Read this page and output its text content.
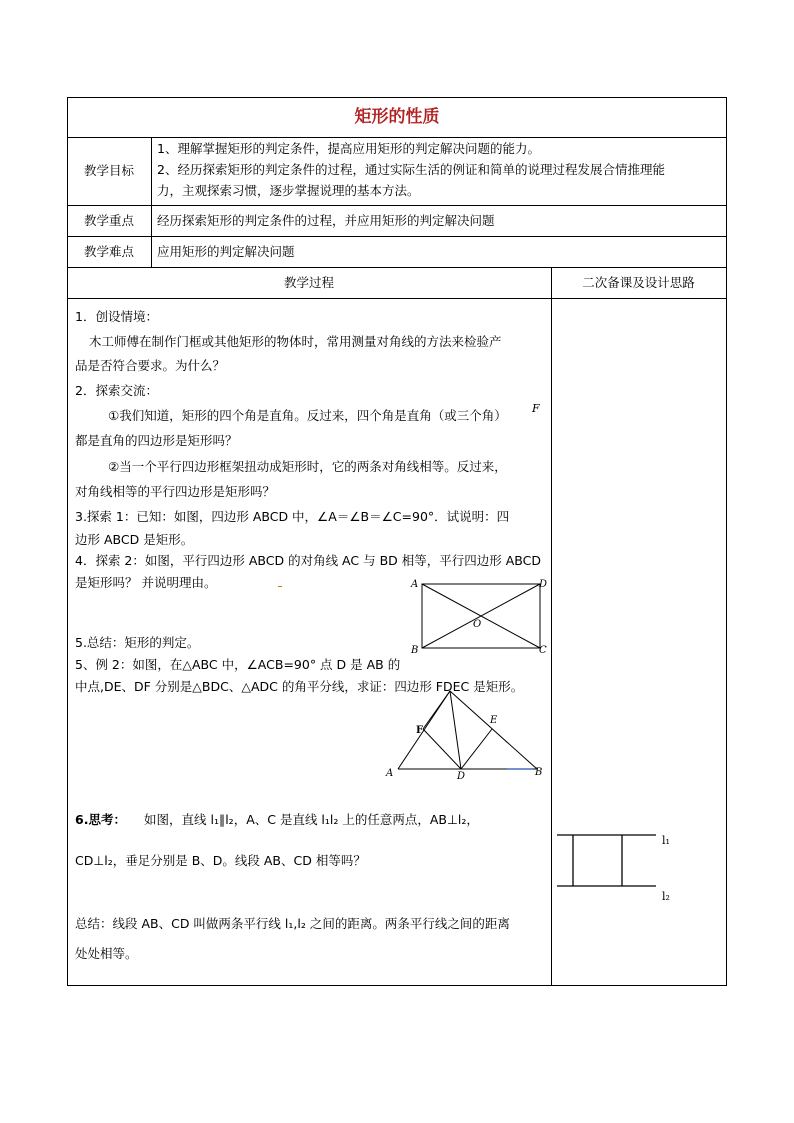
矩形的性质
教学目标
1、理解掌握矩形的判定条件，提高应用矩形的判定解决问题的能力。
2、经历探索矩形的判定条件的过程，通过实际生活的例证和简单的说理过程发展合情推理能
力，主观探索习惯，逐步掌握说理的基本方法。
教学重点	经历探索矩形的判定条件的过程，并应用矩形的判定解决问题
教学难点	应用矩形的判定解决问题
教学过程	二次备课及设计思路
1．创设情境：
木工师傅在制作门框或其他矩形的物体时，常用测量对角线的方法来检验产
品是否符合要求。为什么？
2．探索交流：
①我们知道，矩形的四个角是直角。反过来，四个角是直角（或三个角） F
都是直角的四边形是矩形吗？
②当一个平行四边形框架扭动成矩形时，它的两条对角线相等。反过来，
对角线相等的平行四边形是矩形吗？
3.探索 1：已知：如图，四边形 ABCD 中，∠A＝∠B＝∠C=90°．试说明：四
边形 ABCD 是矩形。
4．探索 2：如图，平行四边形 ABCD 的对角线 AC 与 BD 相等，平行四边形 ABCD
是矩形吗？ 并说明理由。
5.总结：矩形的判定。
5、例 2：如图，在△ABC 中，∠ACB=90° 点 D 是 AB 的
中点,DE、DF 分别是△BDC、△ADC 的角平分线，求证：四边形 FDEC 是矩形。
6.思考： 如图，直线 l₁∥l₂，A、C 是直线 l₁l₂ 上的任意两点，AB⊥l₂，
CD⊥l₂，垂足分别是 B、D。线段 AB、CD 相等吗？
总结：线段 AB、CD 叫做两条平行线 l₁,l₂ 之间的距离。两条平行线之间的距离
处处相等。
A	D
B	C
O
A	B
D
E
F
l₁
l₂
